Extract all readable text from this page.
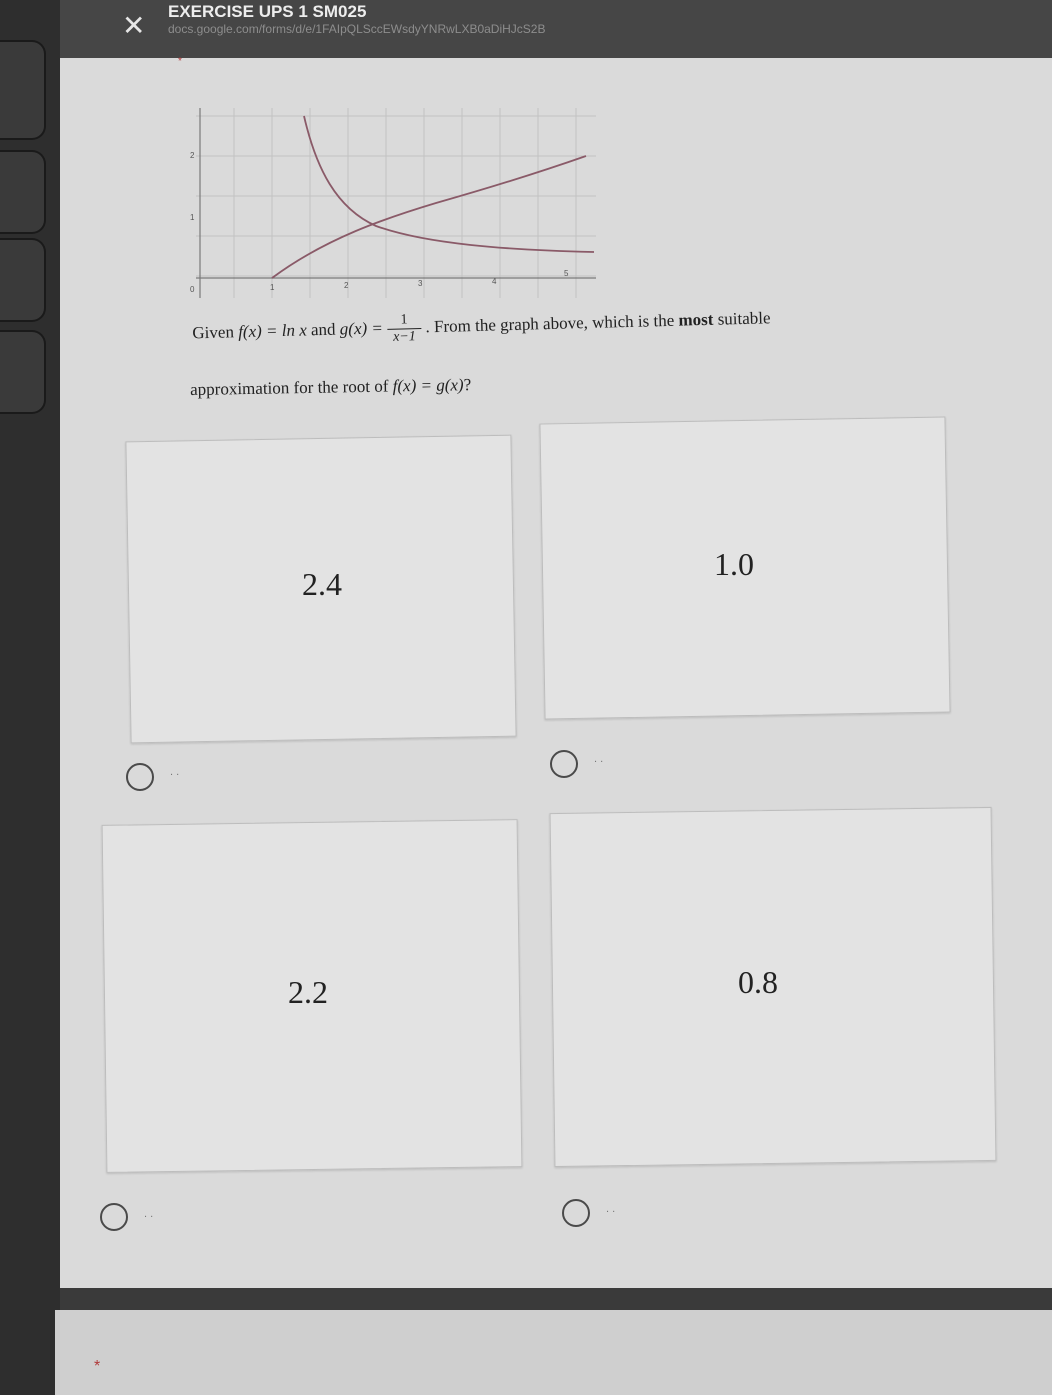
✕ EXERCISE UPS 1 SM025
docs.google.com/forms/d/e/1FAIpQLSccEWsdyYNRwLXB0aDiHJcS2B
*
2
1
0	1	2	3	4
5
Given f(x) = ln x and $g(x) = \frac{1}{x-1}$ . From the graph above, which is the most suitable
approximation for the root of f(x) = g(x)?
2.4
1.0
. .
. .
2.2	0.8
. .	. .
*
